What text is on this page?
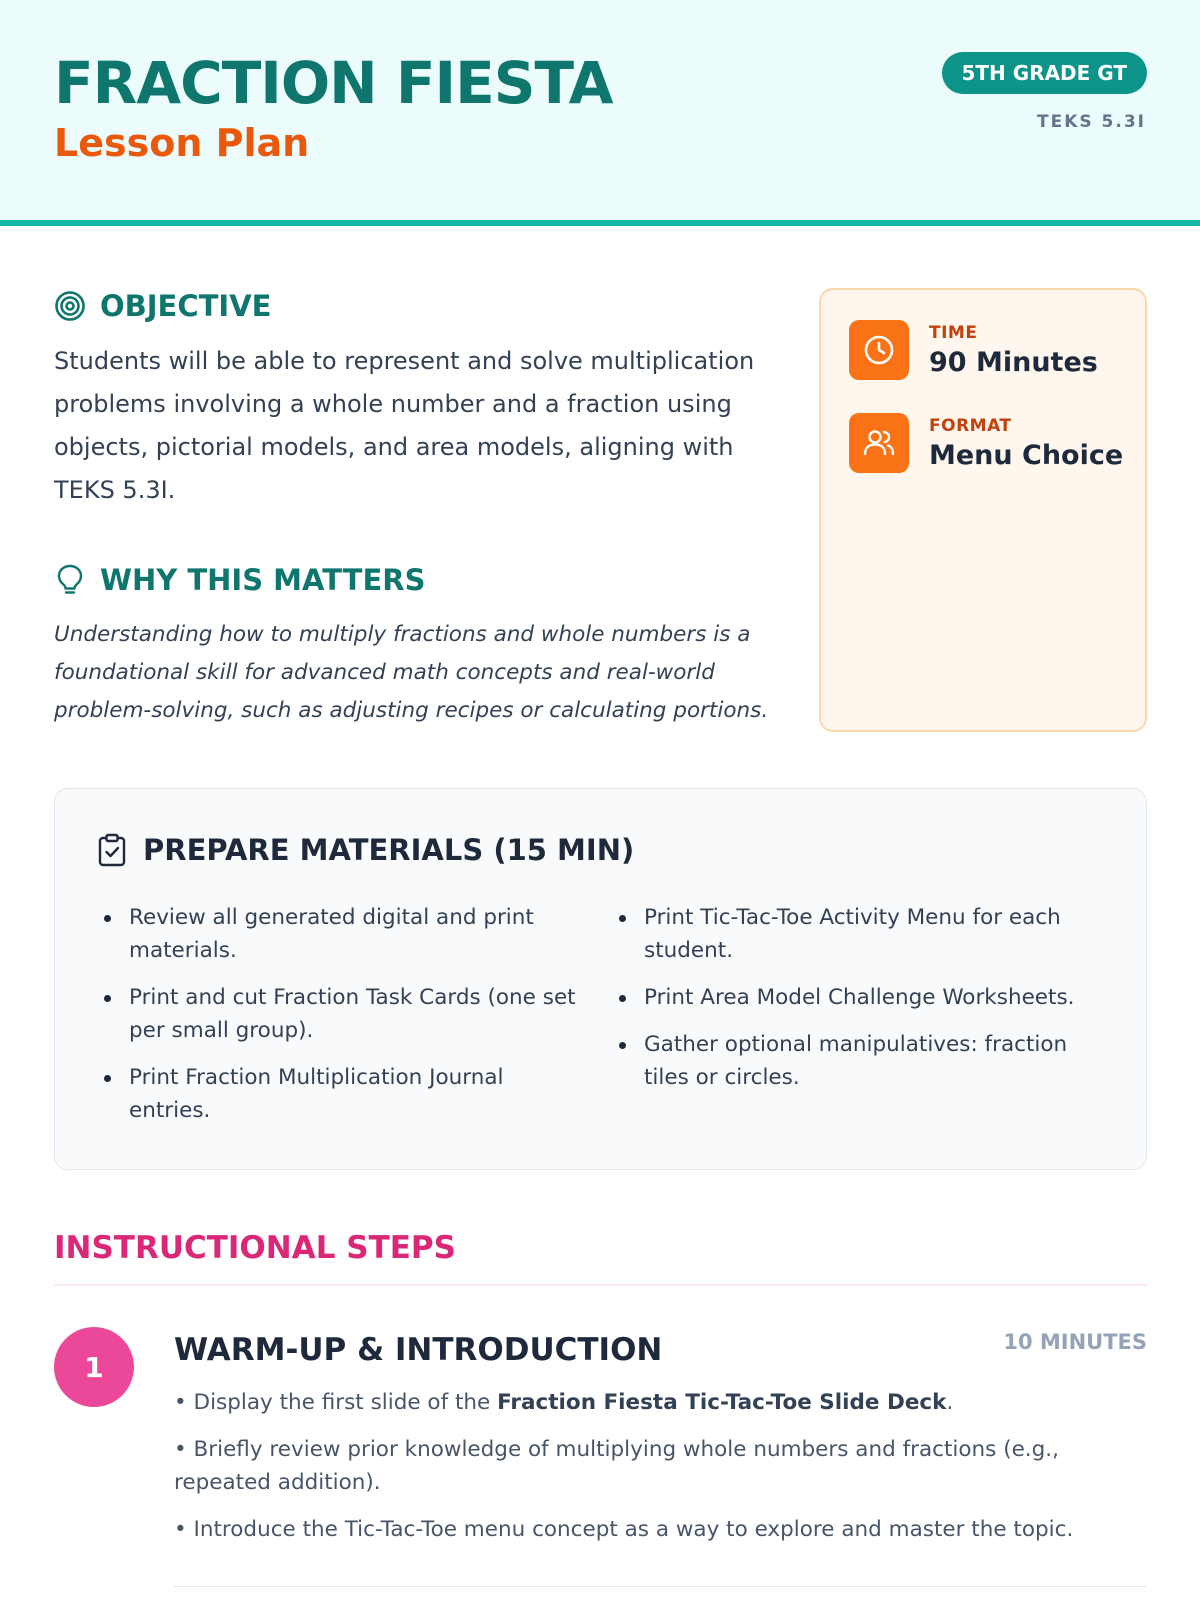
FRACTION FIESTA
Lesson Plan
5TH GRADE GT
TEKS 5.3I
OBJECTIVE
Students will be able to represent and solve multiplication problems involving a whole number and a fraction using objects, pictorial models, and area models, aligning with TEKS 5.3I.
WHY THIS MATTERS
Understanding how to multiply fractions and whole numbers is a foundational skill for advanced math concepts and real-world problem-solving, such as adjusting recipes or calculating portions.
TIME
90 Minutes
FORMAT
Menu Choice
PREPARE MATERIALS (15 MIN)
Review all generated digital and print materials.
Print and cut Fraction Task Cards (one set per small group).
Print Fraction Multiplication Journal entries.
Print Tic-Tac-Toe Activity Menu for each student.
Print Area Model Challenge Worksheets.
Gather optional manipulatives: fraction tiles or circles.
INSTRUCTIONAL STEPS
1	WARM-UP & INTRODUCTION	10 MINUTES
• Display the first slide of the Fraction Fiesta Tic-Tac-Toe Slide Deck.
• Briefly review prior knowledge of multiplying whole numbers and fractions (e.g., repeated addition).
• Introduce the Tic-Tac-Toe menu concept as a way to explore and master the topic.
